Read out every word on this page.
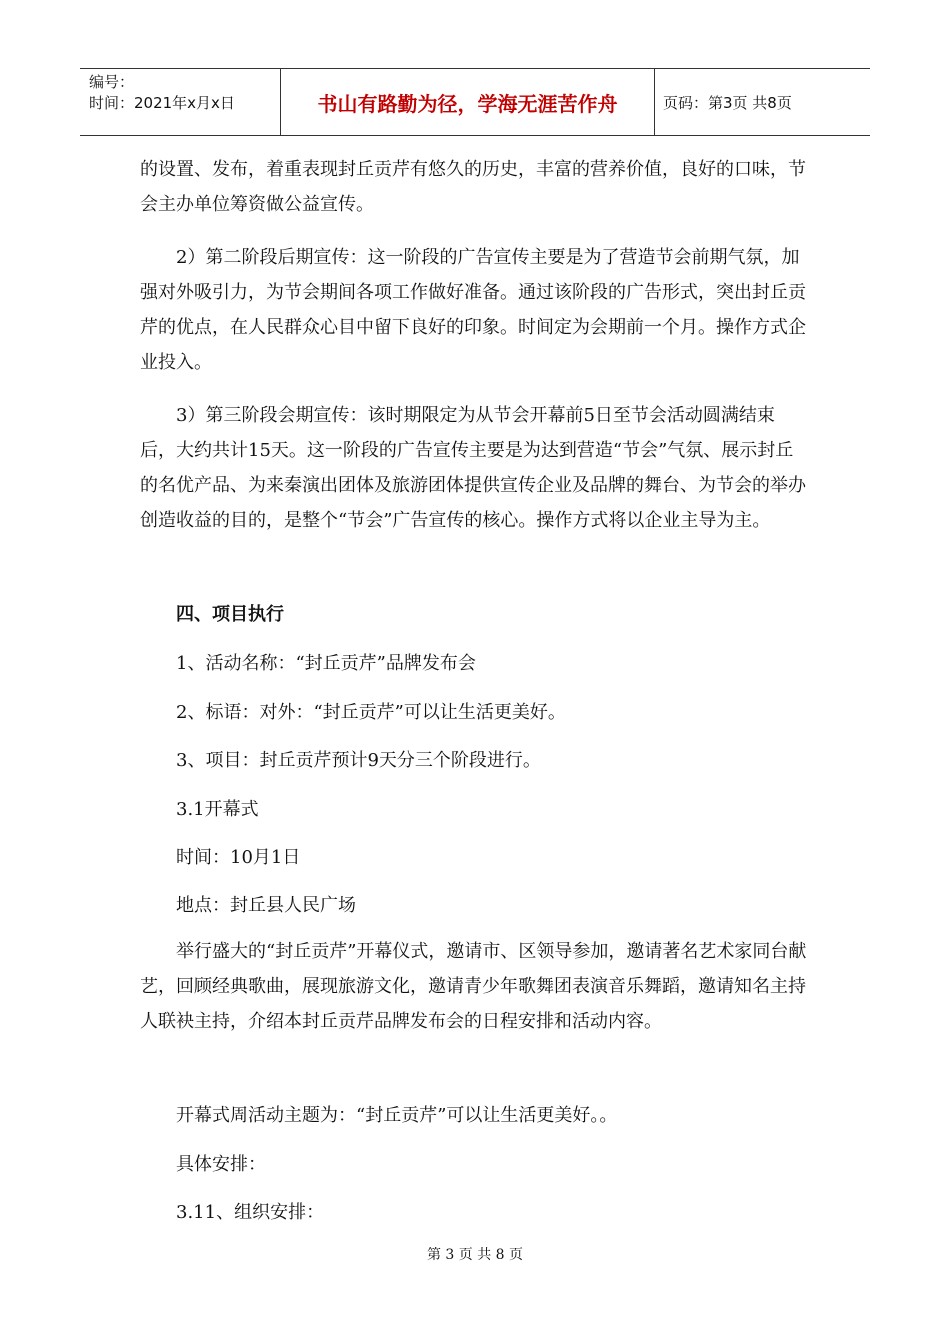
编号：
时间：2021年x月x日	书山有路勤为径，学海无涯苦作舟	页码：第3页 共8页

的设置、发布，着重表现封丘贡芹有悠久的历史，丰富的营养价值，良好的口味，节会主办单位筹资做公益宣传。

2）第二阶段后期宣传：这一阶段的广告宣传主要是为了营造节会前期气氛，加强对外吸引力，为节会期间各项工作做好准备。通过该阶段的广告形式，突出封丘贡芹的优点，在人民群众心目中留下良好的印象。时间定为会期前一个月。操作方式企业投入。

3）第三阶段会期宣传：该时期限定为从节会开幕前5日至节会活动圆满结束后，大约共计15天。这一阶段的广告宣传主要是为达到营造“节会”气氛、展示封丘的名优产品、为来秦演出团体及旅游团体提供宣传企业及品牌的舞台、为节会的举办创造收益的目的，是整个“节会”广告宣传的核心。操作方式将以企业主导为主。

四、项目执行

1、活动名称：“封丘贡芹”品牌发布会

2、标语：对外：“封丘贡芹”可以让生活更美好。

3、项目：封丘贡芹预计9天分三个阶段进行。

3.1开幕式

时间：10月1日

地点：封丘县人民广场

举行盛大的“封丘贡芹”开幕仪式，邀请市、区领导参加，邀请著名艺术家同台献艺，回顾经典歌曲，展现旅游文化，邀请青少年歌舞团表演音乐舞蹈，邀请知名主持人联袂主持，介绍本封丘贡芹品牌发布会的日程安排和活动内容。

开幕式周活动主题为：“封丘贡芹”可以让生活更美好。。

具体安排：

3.11、组织安排：

第 3 页 共 8 页
